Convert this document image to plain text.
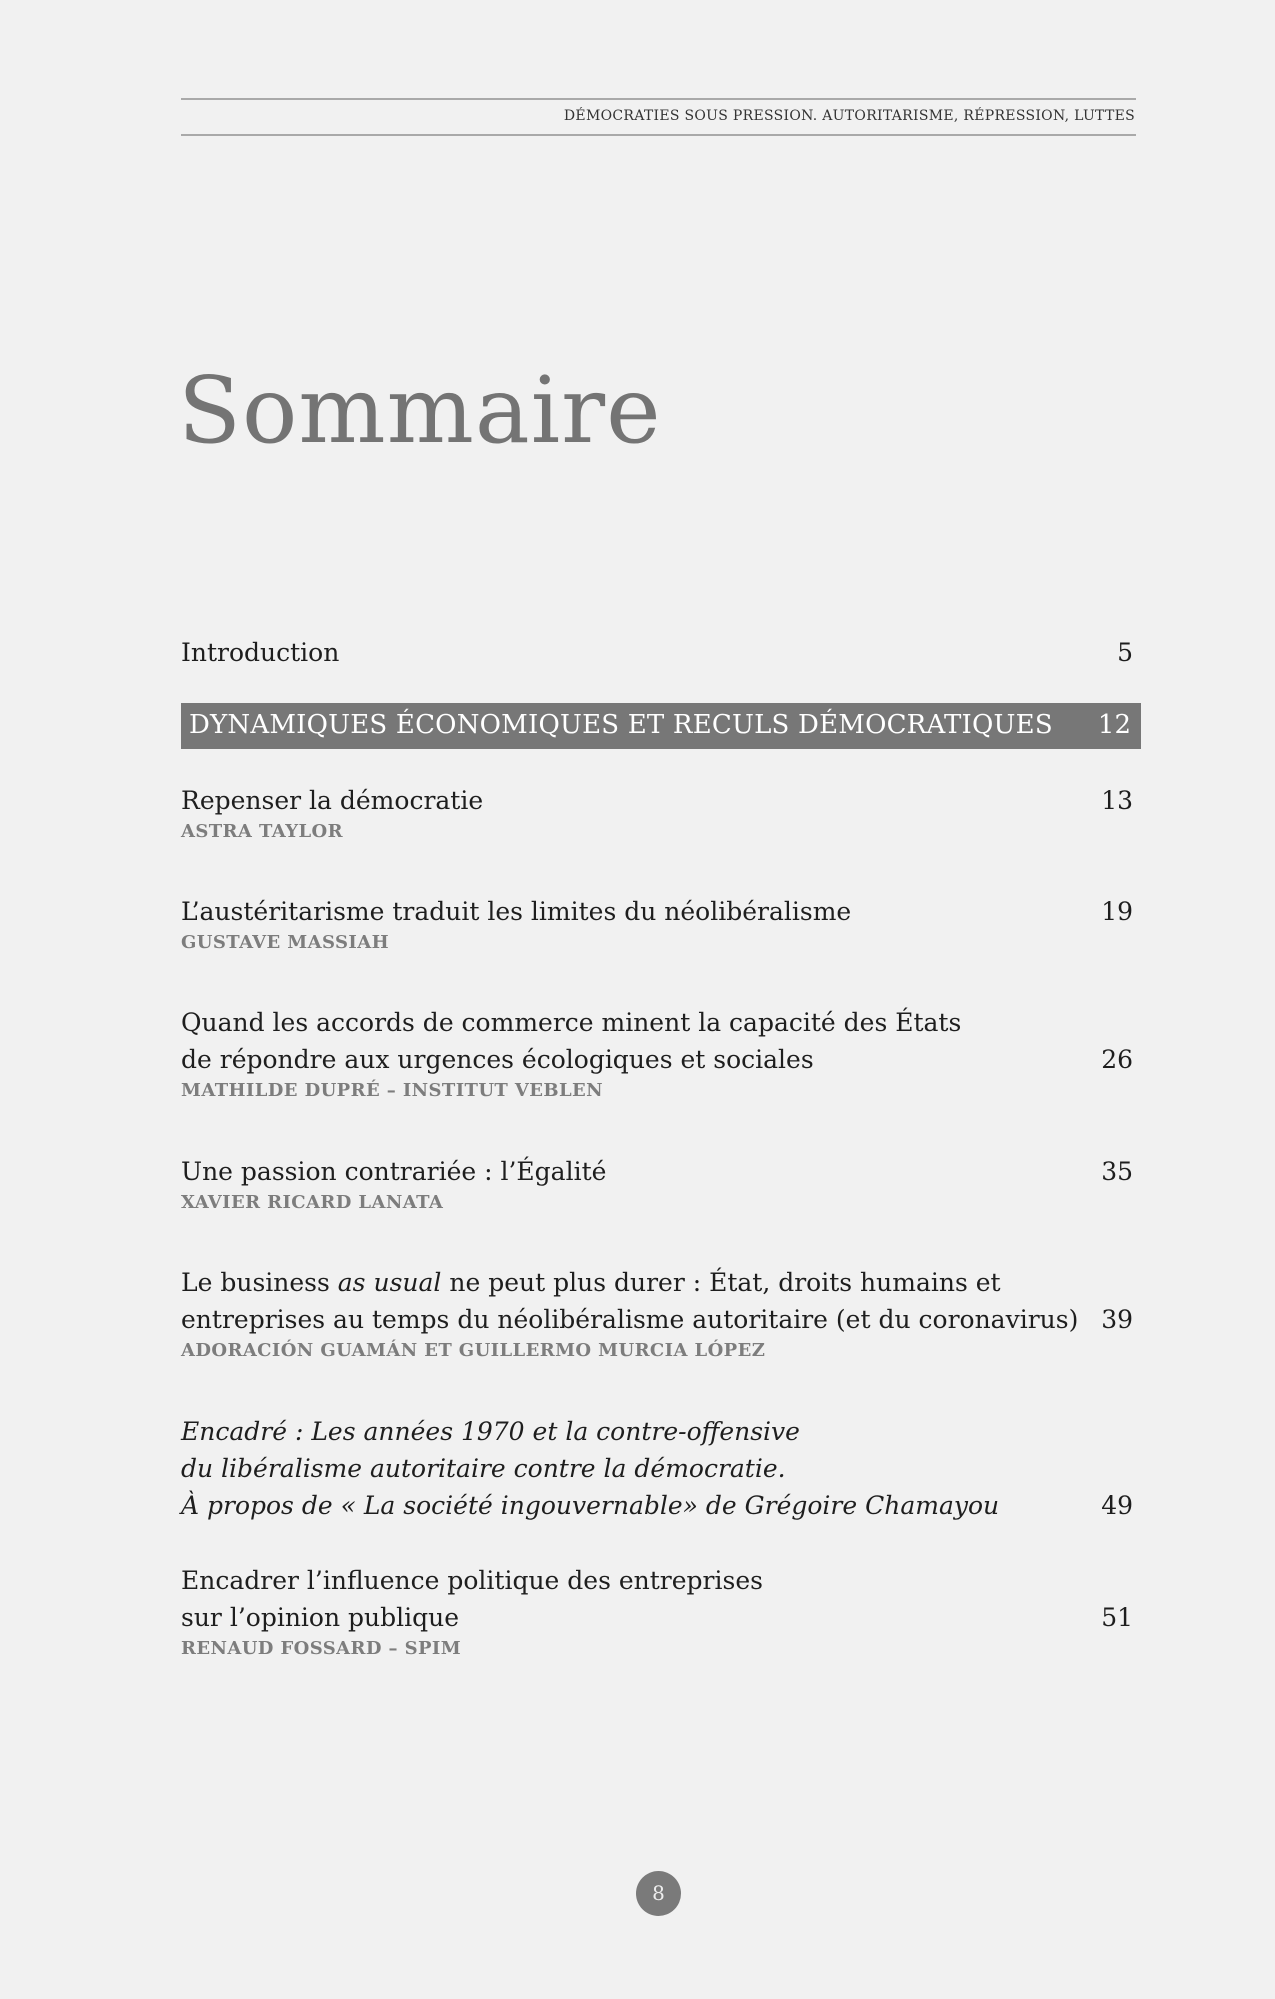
DÉMOCRATIES SOUS PRESSION. AUTORITARISME, RÉPRESSION, LUTTES
Sommaire
Introduction	5
DYNAMIQUES ÉCONOMIQUES ET RECULS DÉMOCRATIQUES 12
Repenser la démocratie
ASTRA TAYLOR
13
L’austéritarisme traduit les limites du néolibéralisme
GUSTAVE MASSIAH
19
Quand les accords de commerce minent la capacité des États
de répondre aux urgences écologiques et sociales
MATHILDE DUPRÉ – INSTITUT VEBLEN
26
Une passion contrariée : l’Égalité
XAVIER RICARD LANATA
35
Le business as usual ne peut plus durer : État, droits humains et
entreprises au temps du néolibéralisme autoritaire (et du coronavirus)
ADORACIÓN GUAMÁN ET GUILLERMO MURCIA LÓPEZ
39
Encadré : Les années 1970 et la contre-offensive
du libéralisme autoritaire contre la démocratie.
À propos de « La société ingouvernable» de Grégoire Chamayou	49
Encadrer l’influence politique des entreprises
sur l’opinion publique
RENAUD FOSSARD – SPIM
51
8
